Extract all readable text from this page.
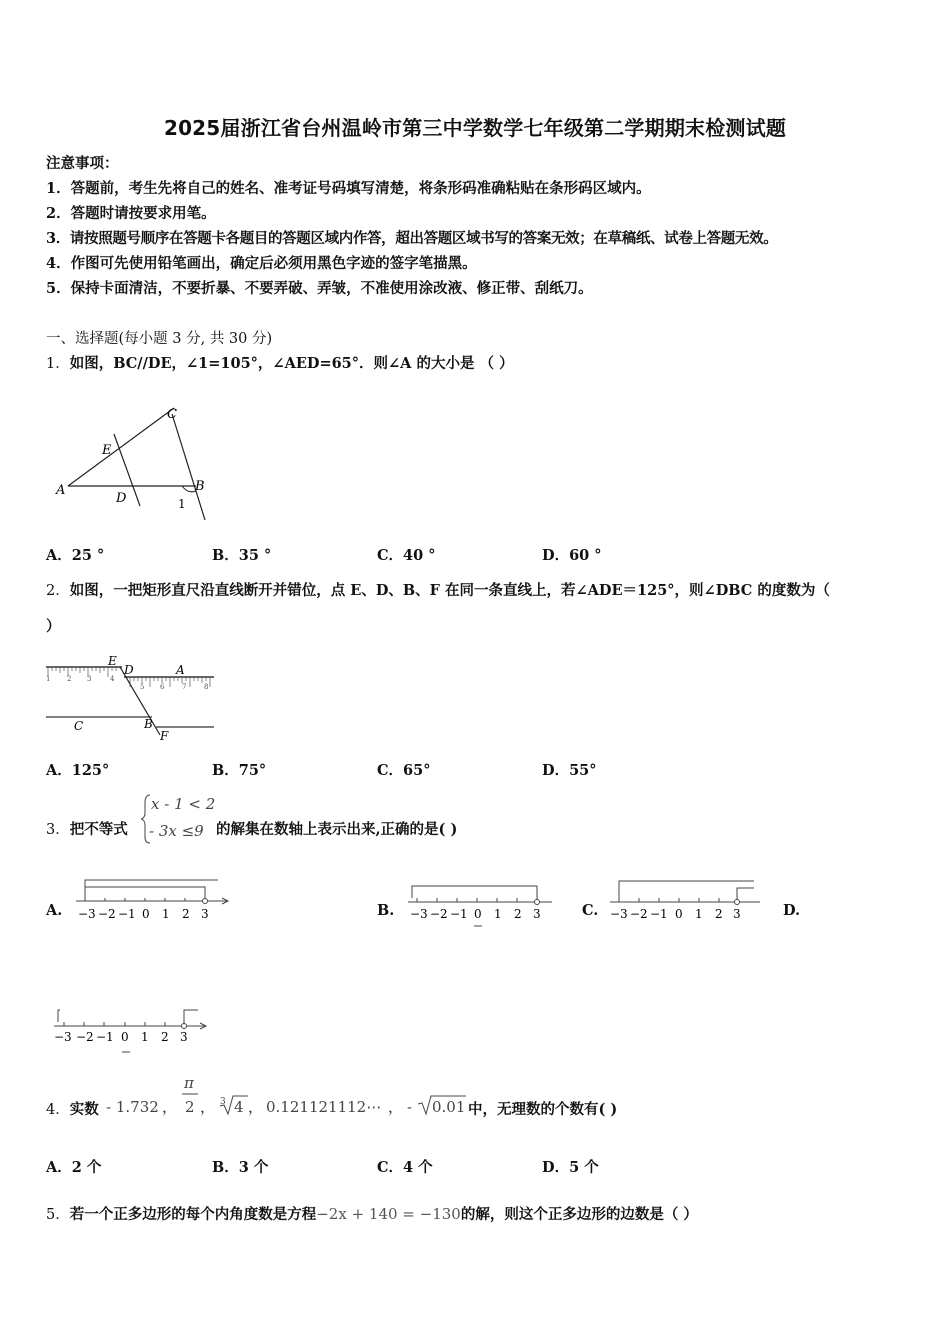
2025届浙江省台州温岭市第三中学数学七年级第二学期期末检测试题
注意事项：
1．答题前，考生先将自己的姓名、准考证号码填写清楚，将条形码准确粘贴在条形码区域内。
2．答题时请按要求用笔。
3．请按照题号顺序在答题卡各题目的答题区域内作答，超出答题区域书写的答案无效；在草稿纸、试卷上答题无效。
4．作图可先使用铅笔画出，确定后必须用黑色字迹的签字笔描黑。
5．保持卡面清洁，不要折暴、不要弄破、弄皱，不准使用涂改液、修正带、刮纸刀。
一、选择题(每小题 3 分, 共 30 分)
1．如图，BC//DE，∠1=105°，∠AED=65°．则∠A 的大小是 （ ）
A
C
B
E
D	1
A．25 °	B．35 °	C．40 °	D．60 °
2．如图，一把矩形直尺沿直线断开并错位，点 E、D、B、F 在同一条直线上，若∠ADE＝125°，则∠DBC 的度数为（
）
1 2 3	4
5 6	7	8
E
D	A
C	B
F
A．125°	B．75°	C．65°	D．55°
3．把不等式
x - 1 < 2
- 3x ≤9 的解集在数轴上表示出来,正确的是( )
A. −3 −2 −1 0 1 2 3	B. −3 −2 −1 0 1 2 3	C. −3 −2 −1 0 1 2 3	D.
−3 −2 −1 0 1 2 3
4．实数 - 1.732 ，
π
2 ， 3 4 ， 0.121121112⋯ ， - 0.01 中，无理数的个数有( )
A．2 个	B．3 个	C．4 个	D．5 个
5．若一个正多边形的每个内角度数是方程−2x + 140 = −130的解，则这个正多边形的边数是（ ）
